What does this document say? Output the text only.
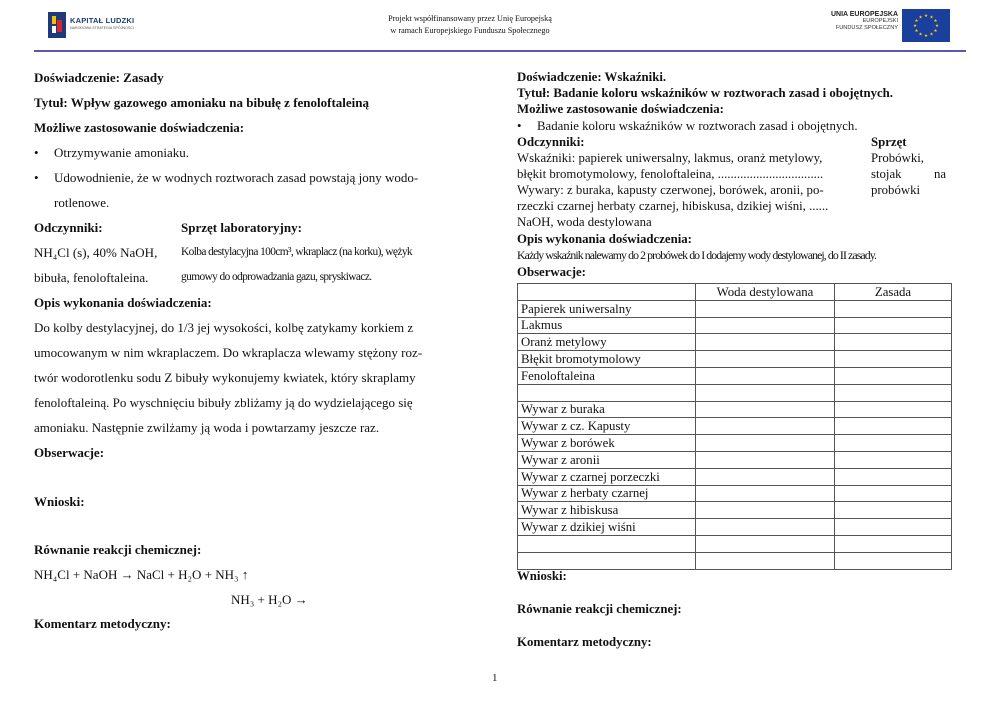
KAPITAŁ LUDZKI
NARODOWA STRATEGIA SPÓJNOŚCI
Projekt współfinansowany przez Unię Europejską
w ramach Europejskiego Funduszu Społecznego
UNIA EUROPEJSKA
EUROPEJSKI
FUNDUSZ SPOŁECZNY
★ ★
★
★
★
★
★
★
★
★
★
★

Doświadczenie: Zasady

Tytuł: Wpływ gazowego amoniaku na bibułę z fenoloftaleiną

Możliwe zastosowanie doświadczenia:

• Otrzymywanie amoniaku.

• Udowodnienie, że w wodnych roztworach zasad powstają jony wodo-

rotlenowe.

Odczynniki:	Sprzęt laboratoryjny:

NH₄Cl (s), 40% NaOH,

bibuła, fenoloftaleina.

Kolba destylacyjna 100cm³, wkraplacz (na korku), wężyk

gumowy do odprowadzania gazu, spryskiwacz.

Opis wykonania doświadczenia:

Do kolby destylacyjnej, do 1/3 jej wysokości, kolbę zatykamy korkiem z

umocowanym w nim wkraplaczem. Do wkraplacza wlewamy stężony roz-

twór wodorotlenku sodu Z bibuły wykonujemy kwiatek, który skraplamy

fenoloftaleiną. Po wyschnięciu bibuły zbliżamy ją do wydzielającego się

amoniaku. Następnie zwilżamy ją woda i powtarzamy jeszcze raz.

Obserwacje:

Wnioski:

Równanie reakcji chemicznej:

NH₄Cl + NaOH → NaCl + H₂O + NH₃ ↑

NH₃ + H₂O →

Komentarz metodyczny:

Doświadczenie: Wskaźniki.
Tytuł: Badanie koloru wskaźników w roztworach zasad i obojętnych.
Możliwe zastosowanie doświadczenia:
• Badanie koloru wskaźników w roztworach zasad i obojętnych.
Odczynniki:	Sprzęt
Wskaźniki: papierek uniwersalny, lakmus, oranż metylowy,
błękit bromotymolowy, fenoloftaleina, .................................
Wywary: z buraka, kapusty czerwonej, borówek, aronii, po-
rzeczki czarnej herbaty czarnej, hibiskusa, dzikiej wiśni, ......
NaOH, woda destylowana
Probówki,
stojak	na
probówki
Opis wykonania doświadczenia:
Każdy wskaźnik nalewamy do 2 probówek do I dodajemy wody destylowanej, do II zasady.
Obserwacje:
Wnioski:
Równanie reakcji chemicznej:
Komentarz metodyczny:
	Woda destylowana	Zasada
Papierek uniwersalny		
Lakmus		
Oranż metylowy		
Błękit bromotymolowy		
Fenoloftaleina		

Wywar z buraka		
Wywar z cz. Kapusty		
Wywar z borówek		
Wywar z aronii		
Wywar z czarnej porzeczki		
Wywar z herbaty czarnej		
Wywar z hibiskusa		
Wywar z dzikiej wiśni		

1
